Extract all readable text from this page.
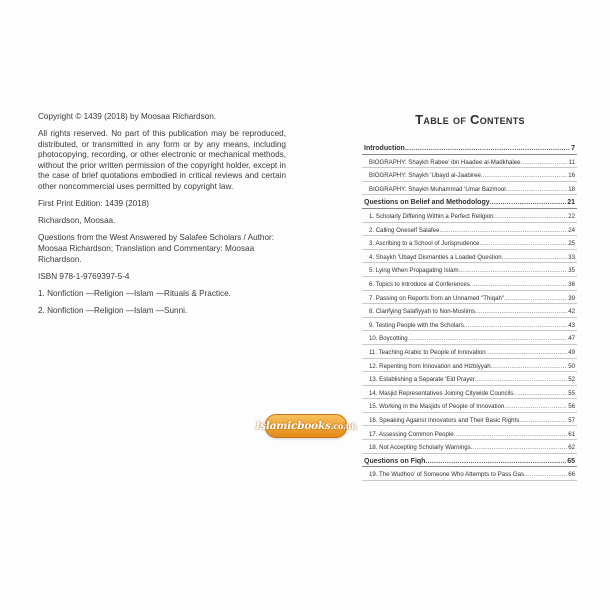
Copyright © 1439 (2018) by Moosaa Richardson.

All rights reserved. No part of this publication may be reproduced, distributed, or transmitted in any form or by any means, including photocopying, recording, or other electronic or mechanical methods, without the prior written permission of the copyright holder, except in the case of brief quotations embodied in critical reviews and certain other noncommercial uses permitted by copyright law.

First Print Edition: 1439 (2018)

Richardson, Moosaa.

Questions from the West Answered by Salafee Scholars / Author: Moosaa Richardson; Translation and Commentary: Moosaa Richardson.

ISBN 978-1-9769397-5-4

1. Nonfiction —Religion —Islam —Rituals & Practice.

2. Nonfiction —Religion —Islam —Sunni.

Islamicbooks .co.uk
Table of Contents
Introduction .....	7
BIOGRAPHY: Shaykh Rabee' ibn Haadee al-Madkhalee .....	11
BIOGRAPHY: Shaykh 'Ubayd al-Jaabiree .....	16
BIOGRAPHY: Shaykh Muhammad 'Umar Bazmool .....	18
Questions on Belief and Methodology .....	21
1. Scholarly Differing Within a Perfect Religion .....	22
2. Calling Oneself Salafee .....	24
3. Ascribing to a School of Jurisprudence .....	25
4. Shaykh 'Ubayd Dismantles a Loaded Question .....	33
5. Lying When Propagating Islam .....	35
6. Topics to Introduce at Conferences .....	36
7. Passing on Reports from an Unnamed "Thiqah" .....	39
8. Clarifying Salafiyyah to Non-Muslims .....	42
9. Testing People with the Scholars .....	43
10. Boycotting .....	47
11. Teaching Arabic to People of Innovation .....	49
12. Repenting from Innovation and Hizbiyyah .....	50
13. Establishing a Separate 'Eid Prayer .....	52
14. Masjid Representatives Joining Citywide Councils .....	55
15. Working in the Masjids of People of Innovation .....	56
16. Speaking Against Innovators and Their Basic Rights .....	57
17. Assessing Common People .....	61
18. Not Accepting Scholarly Warnings .....	62
Questions on Fiqh .....	65
19. The Wudhoo' of Someone Who Attempts to Pass Gas .....	66
